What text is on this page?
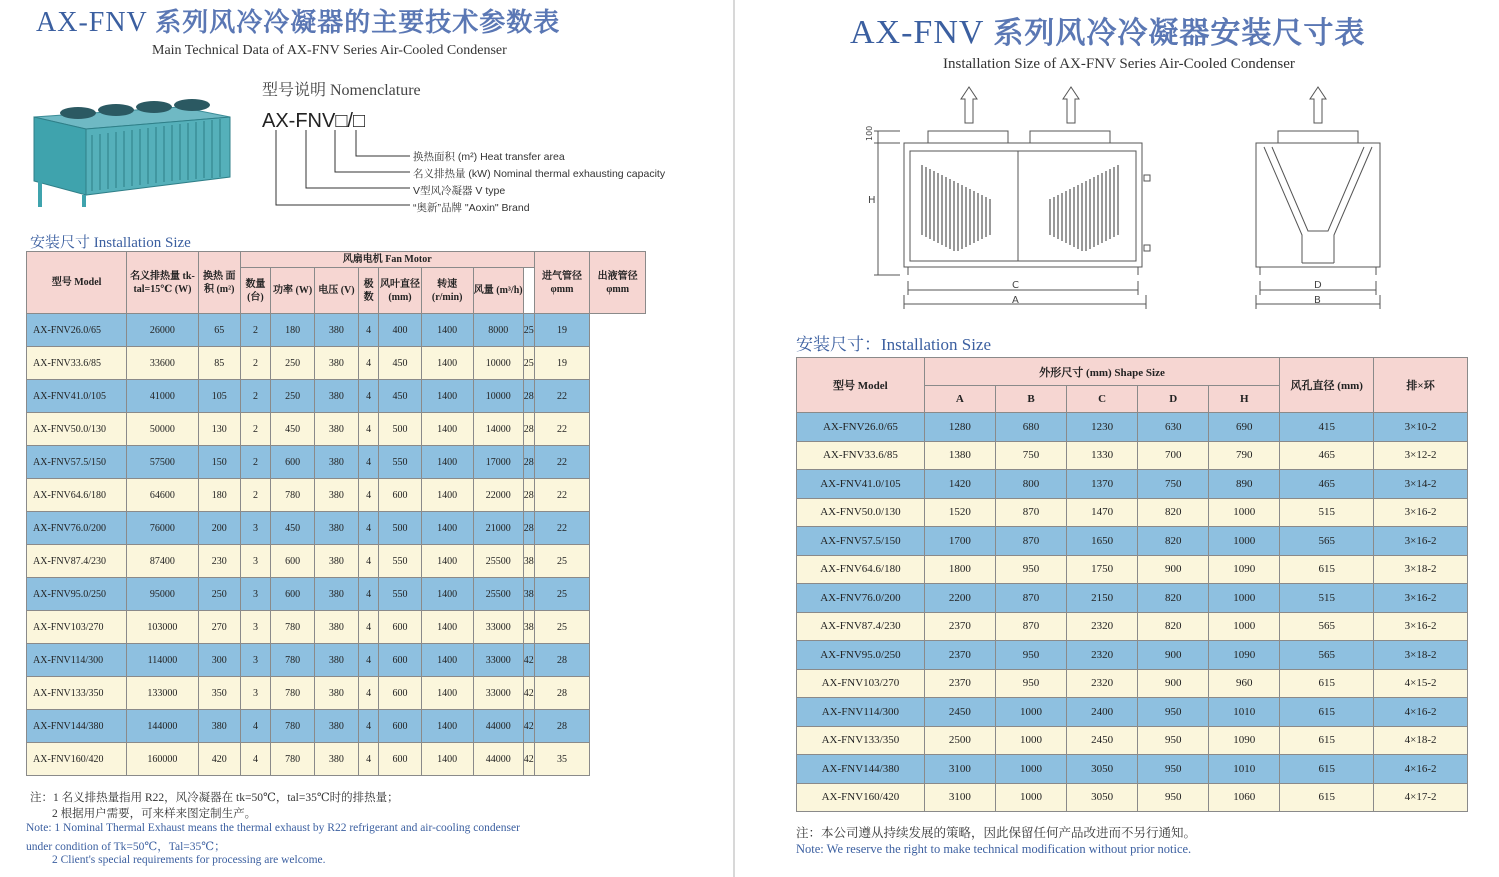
AX-FNV 系列风冷冷凝器的主要技术参数表
Main Technical Data of AX-FNV Series Air-Cooled Condenser
型号说明 Nomenclature
AX-FNV□/□
换热面积 (m²) Heat transfer area
名义排热量 (kW) Nominal thermal exhausting capacity
V型风冷凝器 V type
“奥新”品牌 "Aoxin" Brand
安装尺寸 Installation Size
型号 Model	名义排热量 tk-tal=15℃ (W)	换热 面积 (m²)	风扇电机 Fan Motor								进气管径 φmm	出液管径 φmm
			数量 (台)	功率 (W)	电压 (V)	极数	风叶直径 (mm)	转速 (r/min)	风量 (m³/h)			
AX-FNV26.0/65	26000	65	2	180	380	4	400	1400	8000	25	19	
AX-FNV33.6/85	33600	85	2	250	380	4	450	1400	10000	25	19	
AX-FNV41.0/105	41000	105	2	250	380	4	450	1400	10000	28	22	
AX-FNV50.0/130	50000	130	2	450	380	4	500	1400	14000	28	22	
AX-FNV57.5/150	57500	150	2	600	380	4	550	1400	17000	28	22	
AX-FNV64.6/180	64600	180	2	780	380	4	600	1400	22000	28	22	
AX-FNV76.0/200	76000	200	3	450	380	4	500	1400	21000	28	22	
AX-FNV87.4/230	87400	230	3	600	380	4	550	1400	25500	38	25	
AX-FNV95.0/250	95000	250	3	600	380	4	550	1400	25500	38	25	
AX-FNV103/270	103000	270	3	780	380	4	600	1400	33000	38	25	
AX-FNV114/300	114000	300	3	780	380	4	600	1400	33000	42	28	
AX-FNV133/350	133000	350	3	780	380	4	600	1400	33000	42	28	
AX-FNV144/380	144000	380	4	780	380	4	600	1400	44000	42	28	
AX-FNV160/420	160000	420	4	780	380	4	600	1400	44000	42	35	
注：1 名义排热量指用 R22，风冷凝器在 tk=50℃，tal=35℃时的排热量；
2 根据用户需要，可来样来图定制生产。
Note: 1 Nominal Thermal Exhaust means the thermal exhaust by R22 refrigerant and air-cooling condenser
under condition of Tk=50℃，Tal=35℃；
2 Client's special requirements for processing are welcome.
AX-FNV 系列风冷冷凝器安装尺寸表
Installation Size of AX-FNV Series Air-Cooled Condenser
100
H
C
A
D
B
安装尺寸：Installation Size
型号 Model	外形尺寸 (mm) Shape Size					风孔直径 (mm)	排×环
	A	B	C	D	H		
AX-FNV26.0/65	1280	680	1230	630	690	415	3×10-2
AX-FNV33.6/85	1380	750	1330	700	790	465	3×12-2
AX-FNV41.0/105	1420	800	1370	750	890	465	3×14-2
AX-FNV50.0/130	1520	870	1470	820	1000	515	3×16-2
AX-FNV57.5/150	1700	870	1650	820	1000	565	3×16-2
AX-FNV64.6/180	1800	950	1750	900	1090	615	3×18-2
AX-FNV76.0/200	2200	870	2150	820	1000	515	3×16-2
AX-FNV87.4/230	2370	870	2320	820	1000	565	3×16-2
AX-FNV95.0/250	2370	950	2320	900	1090	565	3×18-2
AX-FNV103/270	2370	950	2320	900	960	615	4×15-2
AX-FNV114/300	2450	1000	2400	950	1010	615	4×16-2
AX-FNV133/350	2500	1000	2450	950	1090	615	4×18-2
AX-FNV144/380	3100	1000	3050	950	1010	615	4×16-2
AX-FNV160/420	3100	1000	3050	950	1060	615	4×17-2
注：本公司遵从持续发展的策略，因此保留任何产品改进而不另行通知。
Note: We reserve the right to make technical modification without prior notice.
